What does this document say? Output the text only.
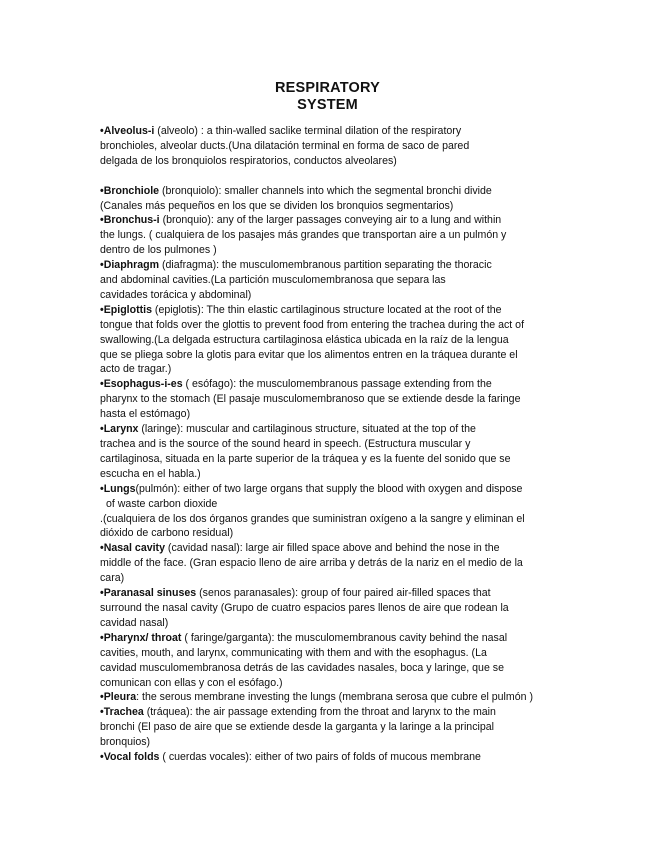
RESPIRATORY
SYSTEM
•Alveolus-i (alveolo) : a thin-walled saclike terminal dilation of the respiratory
bronchioles, alveolar ducts.(Una dilatación terminal en forma de saco de pared
delgada de los bronquiolos respiratorios, conductos alveolares)
•Bronchiole (bronquiolo): smaller channels into which the segmental bronchi divide
(Canales más pequeños en los que se dividen los bronquios segmentarios)
•Bronchus-i (bronquio): any of the larger passages conveying air to a lung and within
the lungs. ( cualquiera de los pasajes más grandes que transportan aire a un pulmón y
dentro de los pulmones )
•Diaphragm (diafragma): the musculomembranous partition separating the thoracic
and abdominal cavities.(La partición musculomembranosa que separa las
cavidades torácica y abdominal)
•Epiglottis (epiglotis): The thin elastic cartilaginous structure located at the root of the
tongue that folds over the glottis to prevent food from entering the trachea during the act of
swallowing.(La delgada estructura cartilaginosa elástica ubicada en la raíz de la lengua
que se pliega sobre la glotis para evitar que los alimentos entren en la tráquea durante el
acto de tragar.)
•Esophagus-i-es ( esófago): the musculomembranous passage extending from the
pharynx to the stomach (El pasaje musculomembranoso que se extiende desde la faringe
hasta el estómago)
•Larynx (laringe): muscular and cartilaginous structure, situated at the top of the
trachea and is the source of the sound heard in speech. (Estructura muscular y
cartilaginosa, situada en la parte superior de la tráquea y es la fuente del sonido que se
escucha en el habla.)
•Lungs(pulmón): either of two large organs that supply the blood with oxygen and dispose
of waste carbon dioxide
.(cualquiera de los dos órganos grandes que suministran oxígeno a la sangre y eliminan el
dióxido de carbono residual)
•Nasal cavity (cavidad nasal): large air filled space above and behind the nose in the
middle of the face. (Gran espacio lleno de aire arriba y detrás de la nariz en el medio de la
cara)
•Paranasal sinuses (senos paranasales): group of four paired air-filled spaces that
surround the nasal cavity (Grupo de cuatro espacios pares llenos de aire que rodean la
cavidad nasal)
•Pharynx/ throat ( faringe/garganta): the musculomembranous cavity behind the nasal
cavities, mouth, and larynx, communicating with them and with the esophagus. (La
cavidad musculomembranosa detrás de las cavidades nasales, boca y laringe, que se
comunican con ellas y con el esófago.)
•Pleura: the serous membrane investing the lungs (membrana serosa que cubre el pulmón )
•Trachea (tráquea): the air passage extending from the throat and larynx to the main
bronchi (El paso de aire que se extiende desde la garganta y la laringe a la principal
bronquios)
•Vocal folds ( cuerdas vocales): either of two pairs of folds of mucous membrane
